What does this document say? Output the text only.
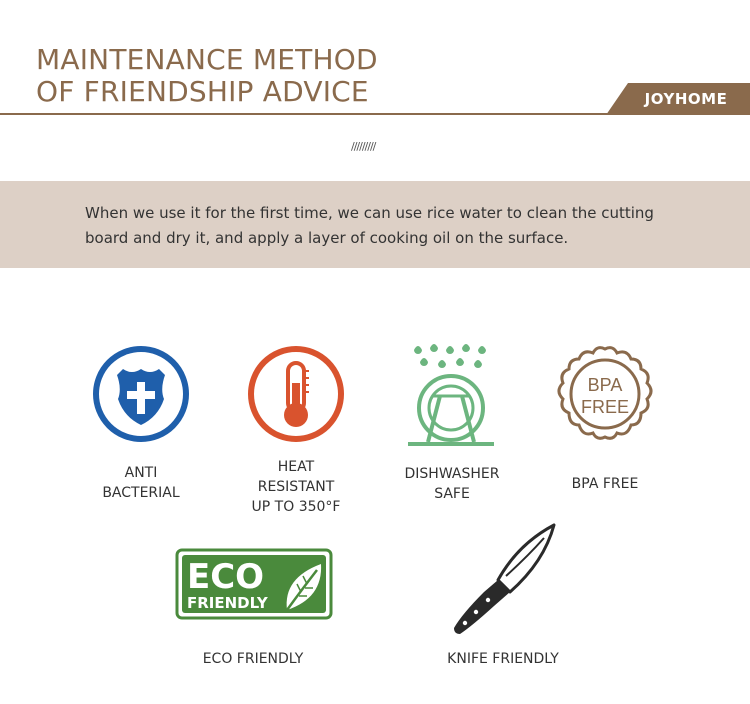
MAINTENANCE METHOD
OF FRIENDSHIP ADVICE	JOYHOME
/////////

When we use it for the first time, we can use rice water to clean the cutting board and dry it, and apply a layer of cooking oil on the surface.

ANTI
BACTERIAL
HEAT
RESISTANT
UP TO 350°F
DISHWASHER
SAFE
BPA
FREE
BPA FREE
ECO
FRIENDLY
ECO FRIENDLY	KNIFE FRIENDLY
